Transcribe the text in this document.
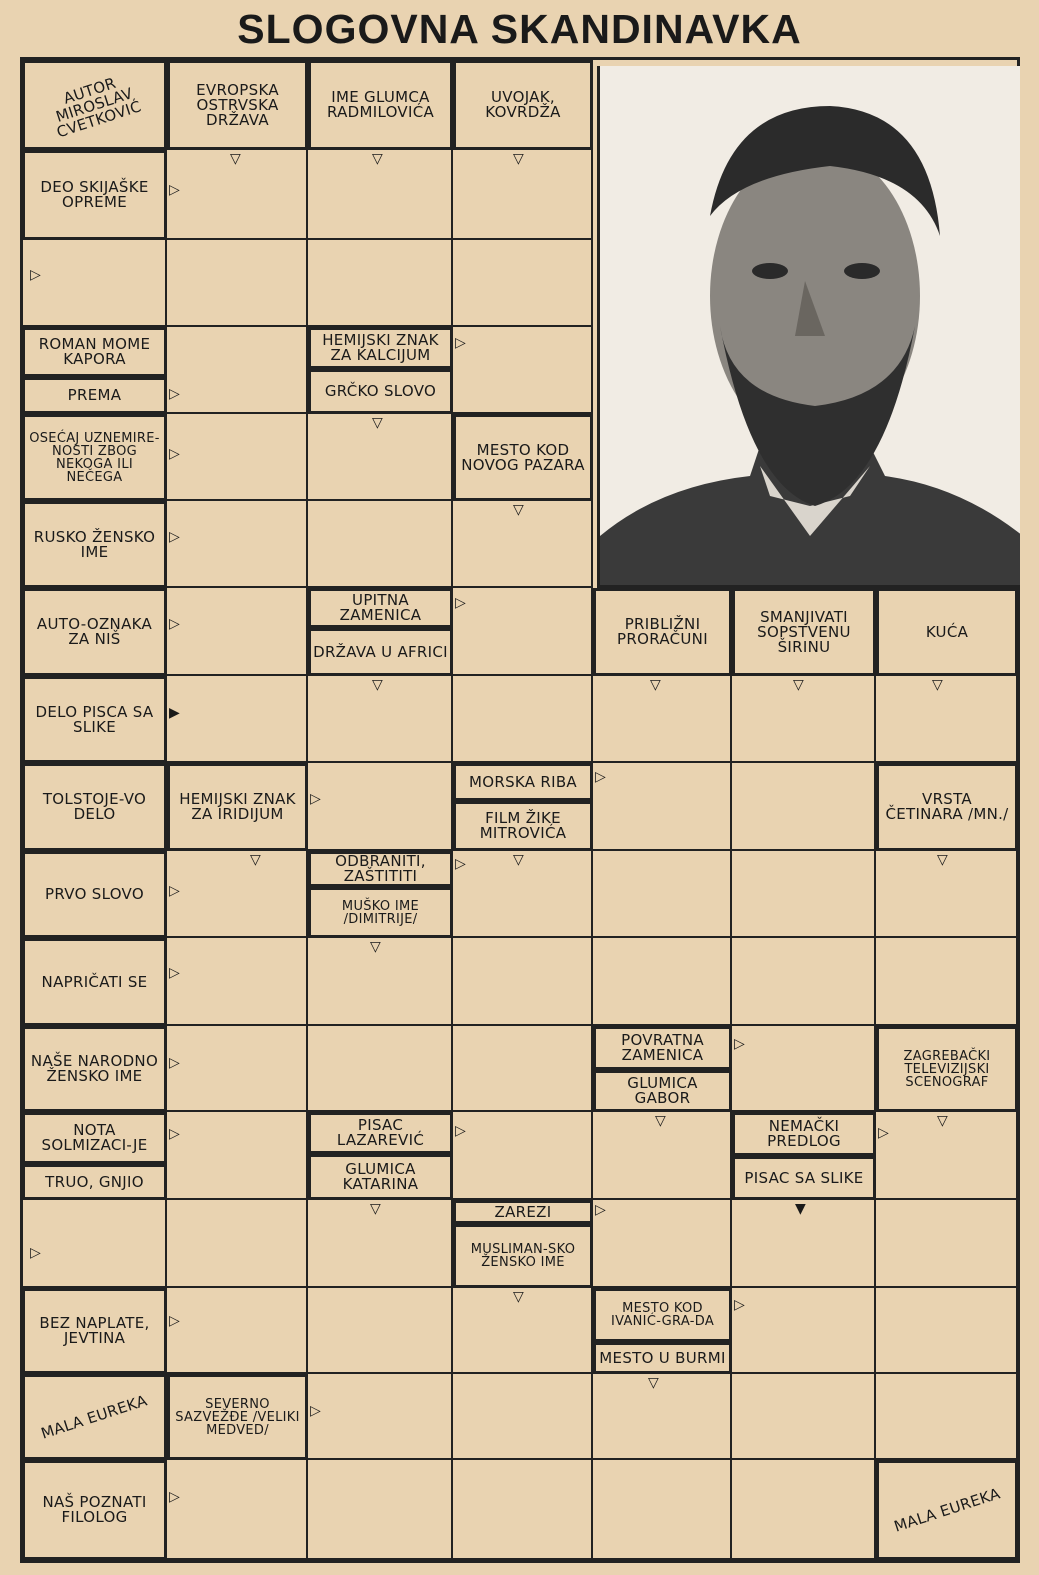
SLOGOVNA SKANDINAVKA
AUTOR MIROSLAV CVETKOVIĆ
EVROPSKA OSTRVSKA DRŽAVA
IME GLUMCA RADMILOVIĆA
UVOJAK, KOVRDŽA
DEO SKIJAŠKE OPREME
ROMAN MOME KAPORA
PREMA
HEMIJSKI ZNAK ZA KALCIJUM
GRČKO SLOVO
OSEĆAJ UZNEMIRE-NOSTI ZBOG NEKOGA ILI NEČEGA
MESTO KOD NOVOG PAZARA
RUSKO ŽENSKO IME
AUTO-OZNAKA ZA NIŠ
UPITNA ZAMENICA
DRŽAVA U AFRICI
PRIBLIŽNI PRORAČUNI
SMANJIVATI SOPSTVENU ŠIRINU
KUĆA
DELO PISCA SA SLIKE
TOLSTOJE-VO DELO
HEMIJSKI ZNAK ZA IRIDIJUM
MORSKA RIBA
FILM ŽIKE MITROVIĆA
VRSTA ČETINARA /MN./
PRVO SLOVO
ODBRANITI, ZAŠTITITI
MUŠKO IME /DIMITRIJE/
NAPRIČATI SE
NAŠE NARODNO ŽENSKO IME
POVRATNA ZAMENICA
GLUMICA GABOR
ZAGREBAČKI TELEVIZIJSKI SCENOGRAF
NOTA SOLMIZACI-JE
TRUO, GNJIO
PISAC LAZAREVIĆ
GLUMICA KATARINA
NEMAČKI PREDLOG
PISAC SA SLIKE
ZAREZI
MUSLIMAN-SKO ŽENSKO IME
BEZ NAPLATE, JEVTINA
MESTO KOD IVANIĆ-GRA-DA
MESTO U BURMI
MALA EUREKA	SEVERNO SAZVEŽĐE /VELIKI MEDVED/
NAŠ POZNATI FILOLOG	MALA EUREKA
▽	▽	▽
▷
▷
▷
▷
▽
▷
▽
▷
▷
▷
▽	▽	▽	▽
▶
▷
▷
▽	▽
▷	▽
▷
▽
▷
▷
▷
▽
▷	▷
▽
▷
▽	▼
▷
▷
▽
▷
▷
▽
▷
▷
